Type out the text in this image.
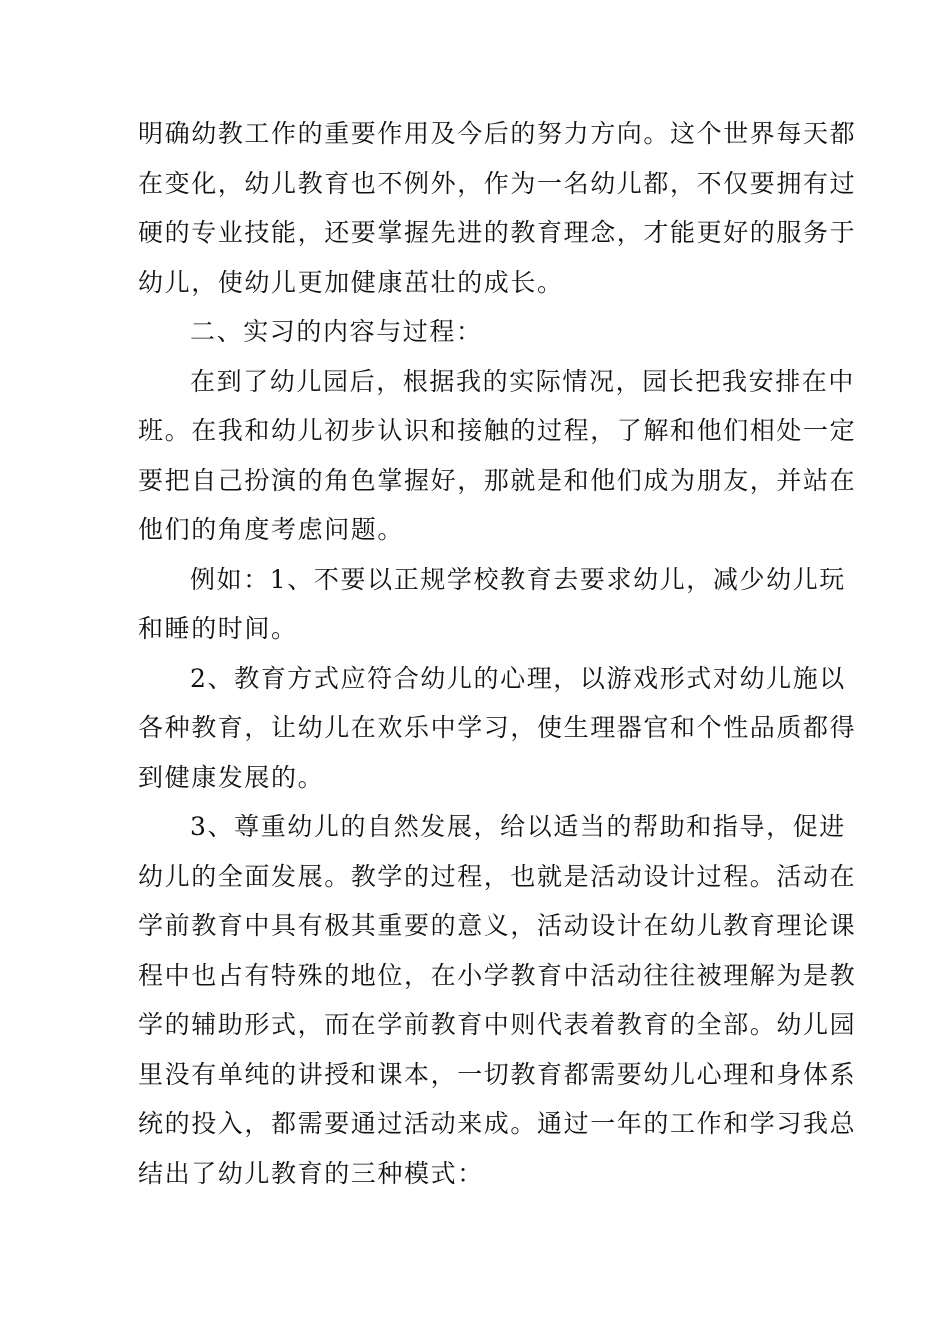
明确幼教工作的重要作用及今后的努力方向。这个世界每天都
在变化，幼儿教育也不例外，作为一名幼儿都，不仅要拥有过
硬的专业技能，还要掌握先进的教育理念，才能更好的服务于
幼儿，使幼儿更加健康茁壮的成长。
二、实习的内容与过程：
在到了幼儿园后，根据我的实际情况，园长把我安排在中
班。在我和幼儿初步认识和接触的过程，了解和他们相处一定
要把自己扮演的角色掌握好，那就是和他们成为朋友，并站在
他们的角度考虑问题。
例如：1、不要以正规学校教育去要求幼儿，减少幼儿玩
和睡的时间。
2、教育方式应符合幼儿的心理，以游戏形式对幼儿施以
各种教育，让幼儿在欢乐中学习，使生理器官和个性品质都得
到健康发展的。
3、尊重幼儿的自然发展，给以适当的帮助和指导，促进
幼儿的全面发展。教学的过程，也就是活动设计过程。活动在
学前教育中具有极其重要的意义，活动设计在幼儿教育理论课
程中也占有特殊的地位，在小学教育中活动往往被理解为是教
学的辅助形式，而在学前教育中则代表着教育的全部。幼儿园
里没有单纯的讲授和课本，一切教育都需要幼儿心理和身体系
统的投入，都需要通过活动来成。通过一年的工作和学习我总
结出了幼儿教育的三种模式：
